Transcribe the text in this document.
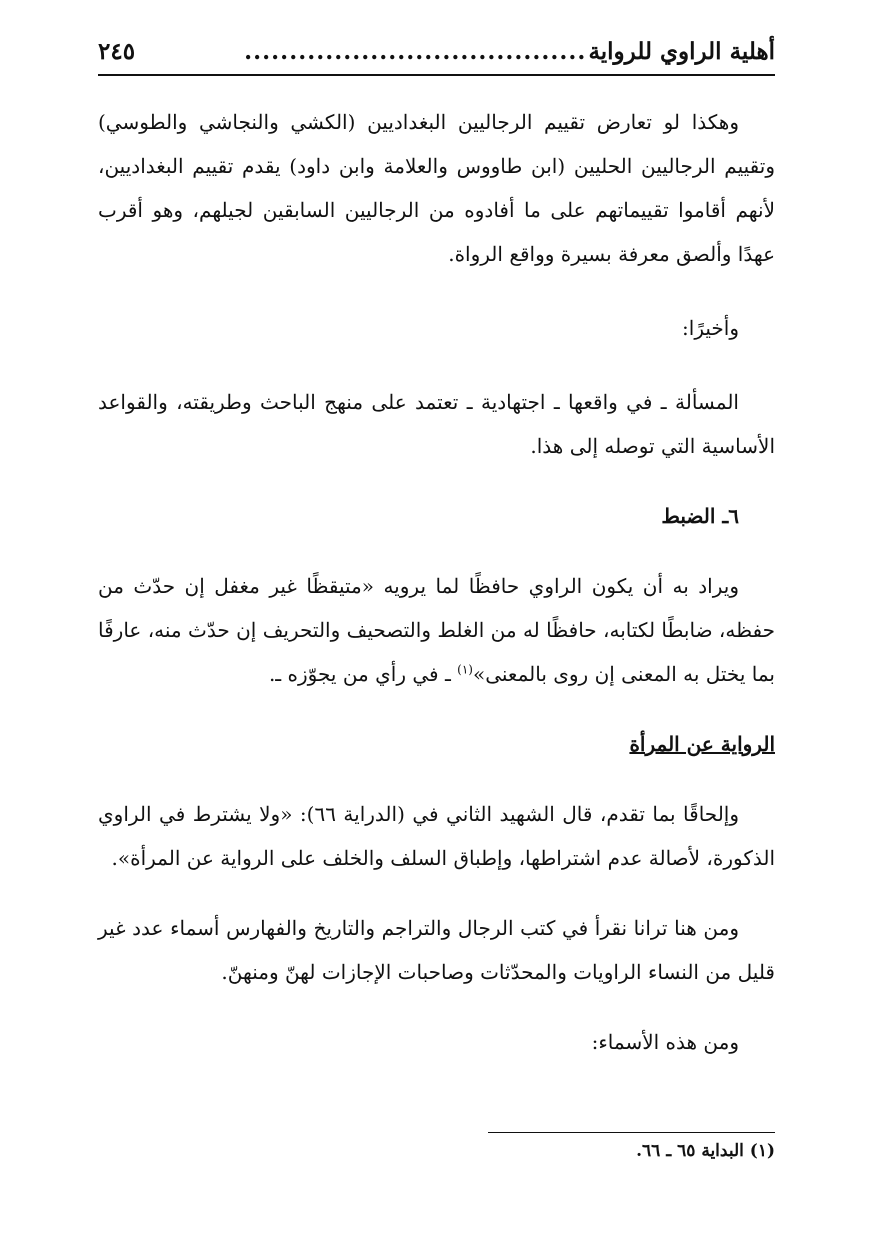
أهلية الراوي للرواية
......................................
٢٤٥

وهكذا لو تعارض تقييم الرجاليين البغداديين (الكشي والنجاشي والطوسي) وتقييم الرجاليين الحليين (ابن طاووس والعلامة وابن داود) يقدم تقييم البغداديين، لأنهم أقاموا تقييماتهم على ما أفادوه من الرجاليين السابقين لجيلهم، وهو أقرب عهدًا وألصق معرفة بسيرة وواقع الرواة.

وأخيرًا:

المسألة ـ في واقعها ـ اجتهادية ـ تعتمد على منهج الباحث وطريقته، والقواعد الأساسية التي توصله إلى هذا.

٦ـ الضبط

ويراد به أن يكون الراوي حافظًا لما يرويه «متيقظًا غير مغفل إن حدّث من حفظه، ضابطًا لكتابه، حافظًا له من الغلط والتصحيف والتحريف إن حدّث منه، عارفًا بما يختل به المعنى إن روى بالمعنى»$^{(١)}$ ـ في رأي من يجوّزه ـ.

الرواية عن المرأة

وإلحاقًا بما تقدم، قال الشهيد الثاني في (الدراية ٦٦): «ولا يشترط في الراوي الذكورة، لأصالة عدم اشتراطها، وإطباق السلف والخلف على الرواية عن المرأة».

ومن هنا ترانا نقرأ في كتب الرجال والتراجم والتاريخ والفهارس أسماء عدد غير قليل من النساء الراويات والمحدّثات وصاحبات الإجازات لهنّ ومنهنّ.

ومن هذه الأسماء:

(١) البداية ٦٥ ـ ٦٦.
